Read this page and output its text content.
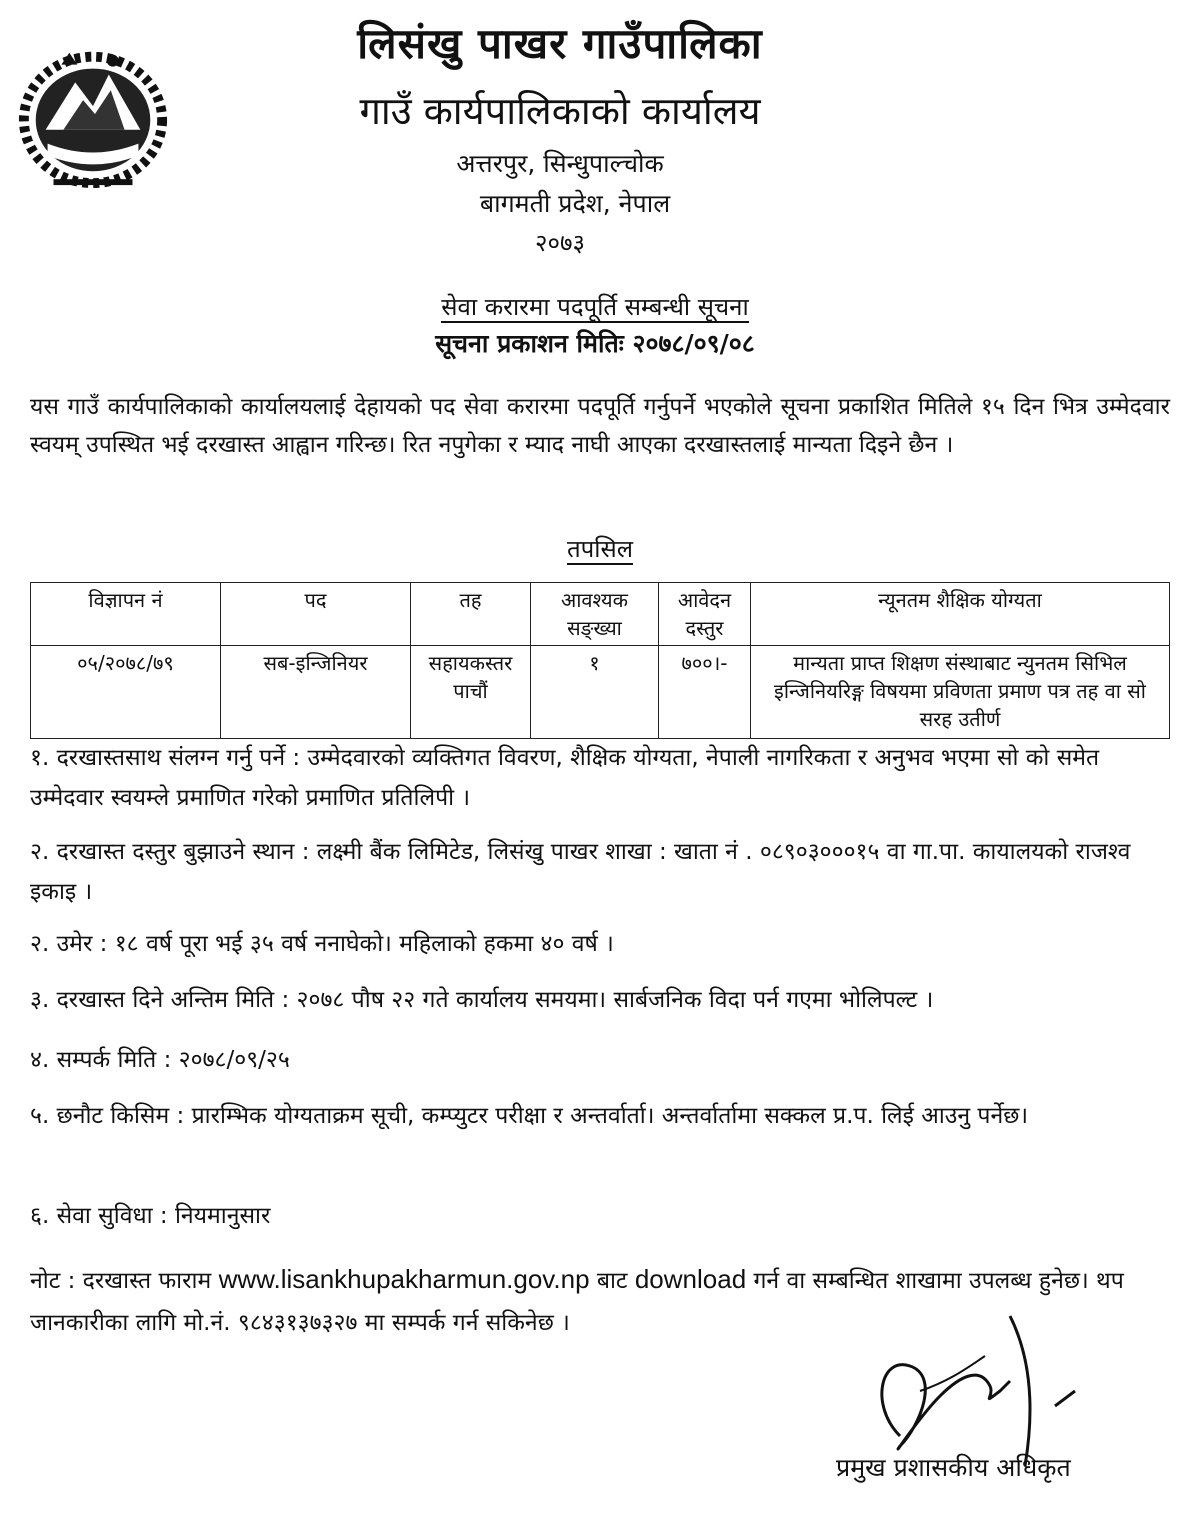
लिसंखु पाखर गाउँपालिका
गाउँ कार्यपालिकाको कार्यालय
अत्तरपुर, सिन्धुपाल्चोक
बागमती प्रदेश, नेपाल
२०७३
सेवा करारमा पदपूर्ति सम्बन्धी सूचना
सूचना प्रकाशन मितिः २०७८/०९/०८
यस गाउँ कार्यपालिकाको कार्यालयलाई देहायको पद सेवा करारमा पदपूर्ति गर्नुपर्ने भएकोले सूचना प्रकाशित मितिले १५ दिन भित्र उम्मेदवार स्वयम् उपस्थित भई दरखास्त आह्वान गरिन्छ। रित नपुगेका र म्याद नाघी आएका दरखास्तलाई मान्यता दिइने छैन ।
तपसिल
विज्ञापन नं	पद	तह	आवश्यक सङ्ख्या	आवेदन दस्तुर	न्यूनतम शैक्षिक योग्यता
०५/२०७८/७९	सब-इन्जिनियर	सहायकस्तर पाचौं	१	७००।-	मान्यता प्राप्त शिक्षण संस्थाबाट न्युनतम सिभिल इन्जिनियरिङ्ग विषयमा प्रविणता प्रमाण पत्र तह वा सो सरह उतीर्ण
१. दरखास्तसाथ संलग्न गर्नु पर्ने : उम्मेदवारको व्यक्तिगत विवरण, शैक्षिक योग्यता, नेपाली नागरिकता र अनुभव भएमा सो को समेत उम्मेदवार स्वयम्ले प्रमाणित गरेको प्रमाणित प्रतिलिपी ।
२. दरखास्त दस्तुर बुझाउने स्थान : लक्ष्मी बैंक लिमिटेड, लिसंखु पाखर शाखा : खाता नं . ०८९०३०००१५ वा गा.पा. कायालयको राजश्व इकाइ ।
२. उमेर : १८ वर्ष पूरा भई ३५ वर्ष ननाघेको। महिलाको हकमा ४० वर्ष ।
३. दरखास्त दिने अन्तिम मिति : २०७८ पौष २२ गते कार्यालय समयमा। सार्बजनिक विदा पर्न गएमा भोलिपल्ट ।
४. सम्पर्क मिति : २०७८/०९/२५
५. छनौट किसिम : प्रारम्भिक योग्यताक्रम सूची, कम्प्युटर परीक्षा र अन्तर्वार्ता। अन्तर्वार्तामा सक्कल प्र.प. लिई आउनु पर्नेछ।
६. सेवा सुविधा : नियमानुसार
नोट : दरखास्त फाराम www.lisankhupakharmun.gov.np बाट download गर्न वा सम्बन्धित शाखामा उपलब्ध हुनेछ। थप जानकारीका लागि मो.नं. ९८४३१३७३२७ मा सम्पर्क गर्न सकिनेछ ।
प्रमुख प्रशासकीय अधिकृत
